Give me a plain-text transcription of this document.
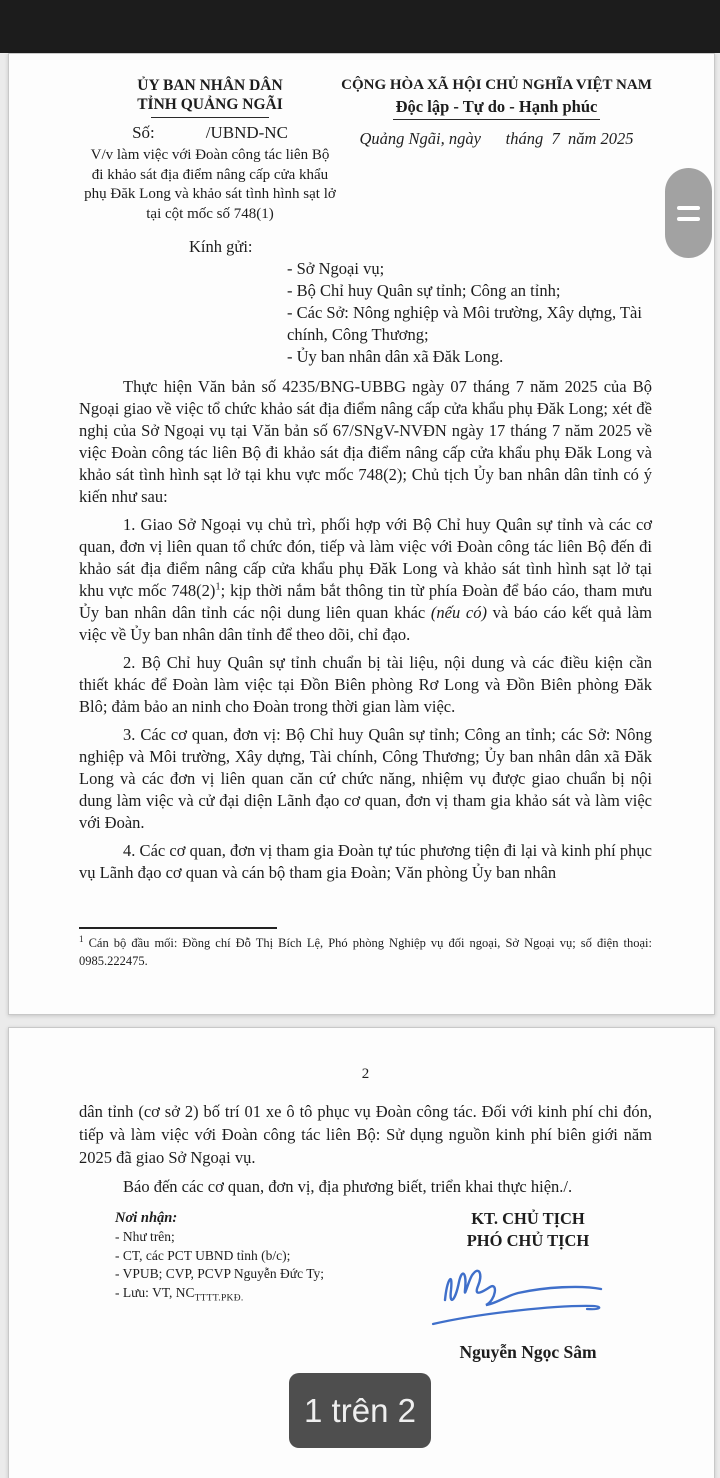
ỦY BAN NHÂN DÂN
TỈNH QUẢNG NGÃI
Số:            /UBND-NC
V/v làm việc với Đoàn công tác liên Bộ đi khảo sát địa điểm nâng cấp cửa khẩu phụ Đăk Long và khảo sát tình hình sạt lở tại cột mốc số 748(1)
CỘNG HÒA XÃ HỘI CHỦ NGHĨA VIỆT NAM
Độc lập - Tự do - Hạnh phúc
Quảng Ngãi, ngày      tháng  7  năm 2025
Kính gửi:
- Sở Ngoại vụ;
- Bộ Chỉ huy Quân sự tỉnh; Công an tỉnh;
- Các Sở: Nông nghiệp và Môi trường, Xây dựng, Tài chính, Công Thương;
- Ủy ban nhân dân xã Đăk Long.

Thực hiện Văn bản số 4235/BNG-UBBG ngày 07 tháng 7 năm 2025 của Bộ Ngoại giao về việc tổ chức khảo sát địa điểm nâng cấp cửa khẩu phụ Đăk Long; xét đề nghị của Sở Ngoại vụ tại Văn bản số 67/SNgV-NVĐN ngày 17 tháng 7 năm 2025 về việc Đoàn công tác liên Bộ đi khảo sát địa điểm nâng cấp cửa khẩu phụ Đăk Long và khảo sát tình hình sạt lở tại khu vực mốc 748(2); Chủ tịch Ủy ban nhân dân tỉnh có ý kiến như sau:

1. Giao Sở Ngoại vụ chủ trì, phối hợp với Bộ Chỉ huy Quân sự tỉnh và các cơ quan, đơn vị liên quan tổ chức đón, tiếp và làm việc với Đoàn công tác liên Bộ đến đi khảo sát địa điểm nâng cấp cửa khẩu phụ Đăk Long và khảo sát tình hình sạt lở tại khu vực mốc $748(2)^1$; kịp thời nắm bắt thông tin từ phía Đoàn để báo cáo, tham mưu Ủy ban nhân dân tỉnh các nội dung liên quan khác (nếu có) và báo cáo kết quả làm việc về Ủy ban nhân dân tỉnh để theo dõi, chỉ đạo.

2. Bộ Chỉ huy Quân sự tỉnh chuẩn bị tài liệu, nội dung và các điều kiện cần thiết khác để Đoàn làm việc tại Đồn Biên phòng Rơ Long và Đồn Biên phòng Đăk Blô; đảm bảo an ninh cho Đoàn trong thời gian làm việc.

3. Các cơ quan, đơn vị: Bộ Chỉ huy Quân sự tỉnh; Công an tỉnh; các Sở: Nông nghiệp và Môi trường, Xây dựng, Tài chính, Công Thương; Ủy ban nhân dân xã Đăk Long và các đơn vị liên quan căn cứ chức năng, nhiệm vụ được giao chuẩn bị nội dung làm việc và cử đại diện Lãnh đạo cơ quan, đơn vị tham gia khảo sát và làm việc với Đoàn.

4. Các cơ quan, đơn vị tham gia Đoàn tự túc phương tiện đi lại và kinh phí phục vụ Lãnh đạo cơ quan và cán bộ tham gia Đoàn; Văn phòng Ủy ban nhân

$^1$ Cán bộ đầu mối: Đồng chí Đỗ Thị Bích Lệ, Phó phòng Nghiệp vụ đối ngoại, Sở Ngoại vụ; số điện thoại: 0985.222475.
2

dân tỉnh (cơ sở 2) bố trí 01 xe ô tô phục vụ Đoàn công tác. Đối với kinh phí chi đón, tiếp và làm việc với Đoàn công tác liên Bộ: Sử dụng nguồn kinh phí biên giới năm 2025 đã giao Sở Ngoại vụ.

Báo đến các cơ quan, đơn vị, địa phương biết, triển khai thực hiện./.

Nơi nhận:
- Như trên;
- CT, các PCT UBND tỉnh (b/c);
- VPUB; CVP, PCVP Nguyễn Đức Ty;
- Lưu: VT, $NC_{TTTT.PKĐ.}$
KT. CHỦ TỊCH
PHÓ CHỦ TỊCH
Nguyễn Ngọc Sâm
1 trên 2
